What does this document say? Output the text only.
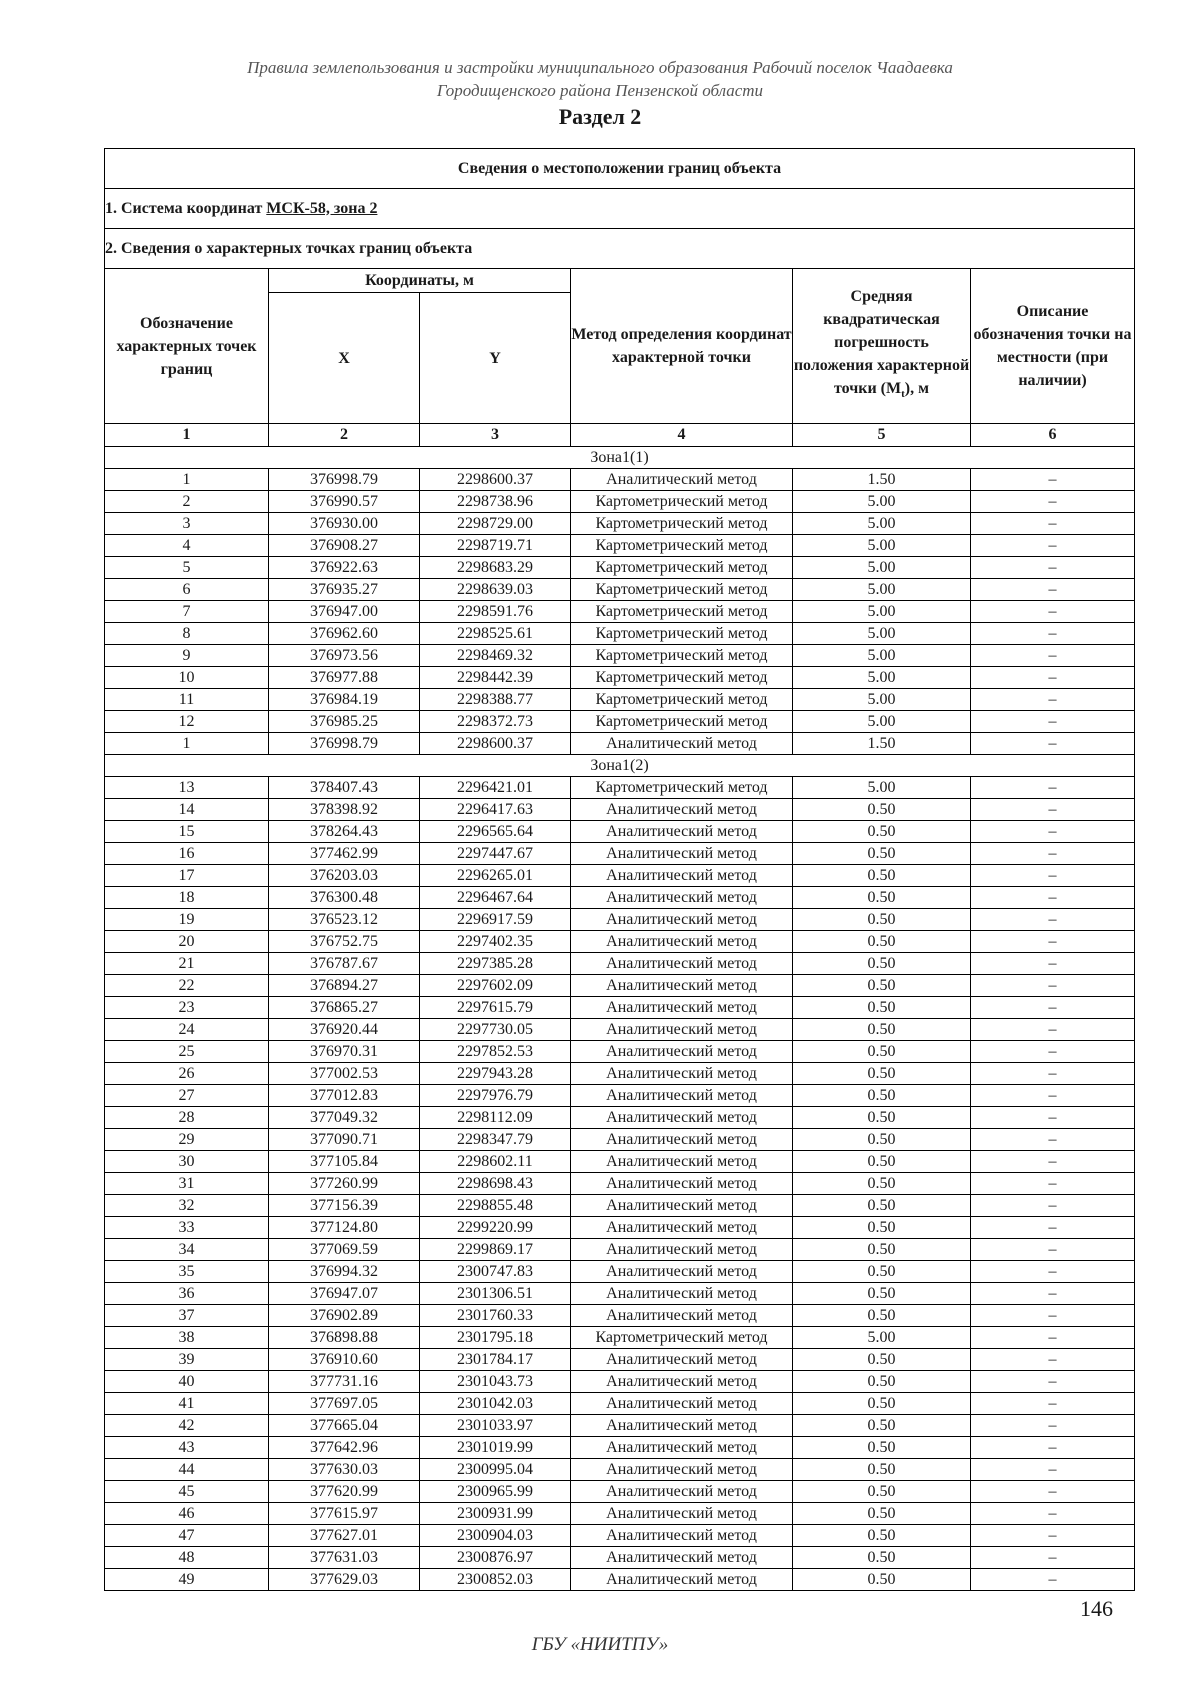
Правила землепользования и застройки муниципального образования Рабочий поселок Чаадаевка
Городищенского района Пензенской области
Раздел 2
Сведения о местоположении границ объекта					
1. Система координат МСК-58, зона 2					
2. Сведения о характерных точках границ объекта					
Обозначение характерных точек границ	Координаты, м		Метод определения координат характерной точки	Средняя квадратическая погрешность положения характерной точки $(M_t)$, м	Описание обозначения точки на местности (при наличии)
	X	Y			
1	2	3	4	5	6
Зона1(1)					
1	376998.79	2298600.37	Аналитический метод	1.50	–
2	376990.57	2298738.96	Картометрический метод	5.00	–
3	376930.00	2298729.00	Картометрический метод	5.00	–
4	376908.27	2298719.71	Картометрический метод	5.00	–
5	376922.63	2298683.29	Картометрический метод	5.00	–
6	376935.27	2298639.03	Картометрический метод	5.00	–
7	376947.00	2298591.76	Картометрический метод	5.00	–
8	376962.60	2298525.61	Картометрический метод	5.00	–
9	376973.56	2298469.32	Картометрический метод	5.00	–
10	376977.88	2298442.39	Картометрический метод	5.00	–
11	376984.19	2298388.77	Картометрический метод	5.00	–
12	376985.25	2298372.73	Картометрический метод	5.00	–
1	376998.79	2298600.37	Аналитический метод	1.50	–
Зона1(2)					
13	378407.43	2296421.01	Картометрический метод	5.00	–
14	378398.92	2296417.63	Аналитический метод	0.50	–
15	378264.43	2296565.64	Аналитический метод	0.50	–
16	377462.99	2297447.67	Аналитический метод	0.50	–
17	376203.03	2296265.01	Аналитический метод	0.50	–
18	376300.48	2296467.64	Аналитический метод	0.50	–
19	376523.12	2296917.59	Аналитический метод	0.50	–
20	376752.75	2297402.35	Аналитический метод	0.50	–
21	376787.67	2297385.28	Аналитический метод	0.50	–
22	376894.27	2297602.09	Аналитический метод	0.50	–
23	376865.27	2297615.79	Аналитический метод	0.50	–
24	376920.44	2297730.05	Аналитический метод	0.50	–
25	376970.31	2297852.53	Аналитический метод	0.50	–
26	377002.53	2297943.28	Аналитический метод	0.50	–
27	377012.83	2297976.79	Аналитический метод	0.50	–
28	377049.32	2298112.09	Аналитический метод	0.50	–
29	377090.71	2298347.79	Аналитический метод	0.50	–
30	377105.84	2298602.11	Аналитический метод	0.50	–
31	377260.99	2298698.43	Аналитический метод	0.50	–
32	377156.39	2298855.48	Аналитический метод	0.50	–
33	377124.80	2299220.99	Аналитический метод	0.50	–
34	377069.59	2299869.17	Аналитический метод	0.50	–
35	376994.32	2300747.83	Аналитический метод	0.50	–
36	376947.07	2301306.51	Аналитический метод	0.50	–
37	376902.89	2301760.33	Аналитический метод	0.50	–
38	376898.88	2301795.18	Картометрический метод	5.00	–
39	376910.60	2301784.17	Аналитический метод	0.50	–
40	377731.16	2301043.73	Аналитический метод	0.50	–
41	377697.05	2301042.03	Аналитический метод	0.50	–
42	377665.04	2301033.97	Аналитический метод	0.50	–
43	377642.96	2301019.99	Аналитический метод	0.50	–
44	377630.03	2300995.04	Аналитический метод	0.50	–
45	377620.99	2300965.99	Аналитический метод	0.50	–
46	377615.97	2300931.99	Аналитический метод	0.50	–
47	377627.01	2300904.03	Аналитический метод	0.50	–
48	377631.03	2300876.97	Аналитический метод	0.50	–
49	377629.03	2300852.03	Аналитический метод	0.50	–
146
ГБУ «НИИТПУ»
